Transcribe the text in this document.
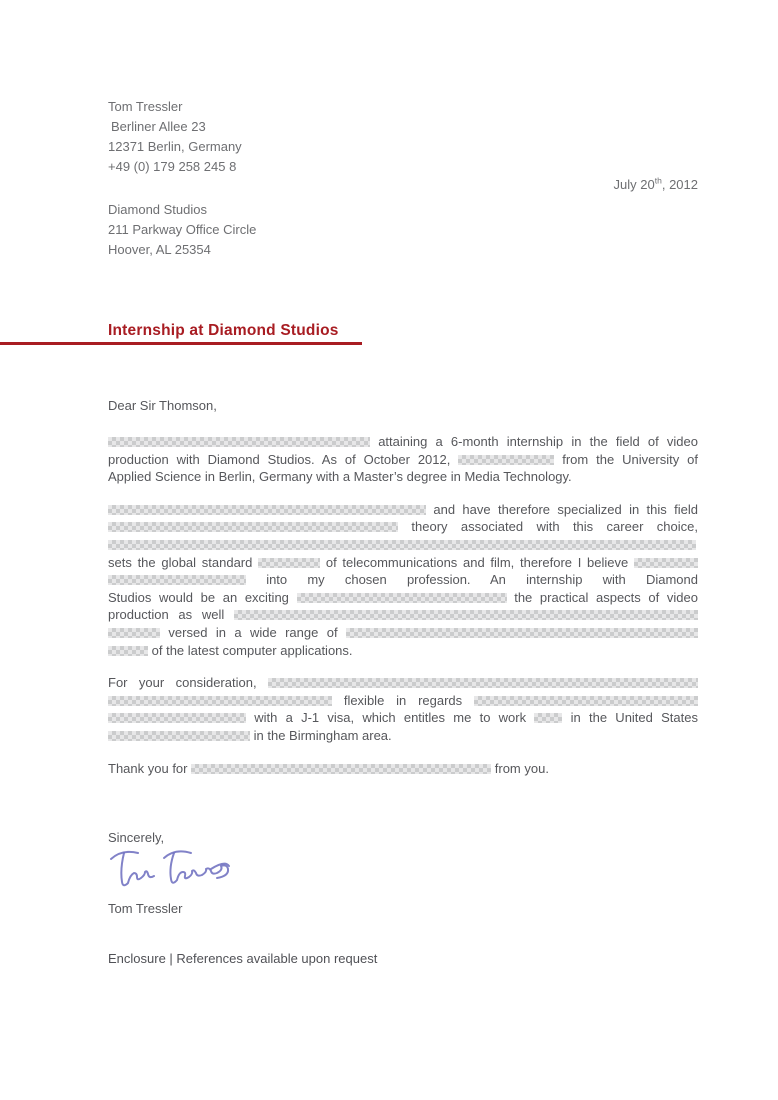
Tom Tressler
Berliner Allee 23
12371 Berlin, Germany
+49 (0) 179 258 245 8
July 20th, 2012
Diamond Studios
211 Parkway Office Circle
Hoover, AL 25354
Internship at Diamond Studios
Dear Sir Thomson,
attaining a 6-month internship in the field of video
production with Diamond Studios. As of October 2012,	from the University of
Applied Science in Berlin, Germany with a Master’s degree in Media Technology.
and have therefore specialized in this field
theory associated with this career choice,
sets the global standard	of telecommunications and film, therefore I believe
into my chosen profession. An internship with Diamond
Studios would be an exciting	the practical aspects of video
production as well
versed in a wide range of
of the latest computer applications.
For your consideration,
flexible in regards
with a J-1 visa, which entitles me to work	in the United States
in the Birmingham area.
Thank you for	from you.
Sincerely,
Tom Tressler
Enclosure | References available upon request
